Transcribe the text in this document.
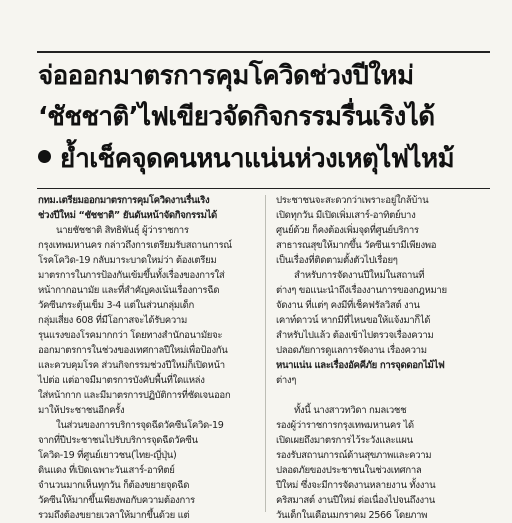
จ่อออกมาตรการคุมโควิดช่วงปีใหม่
‘ชัชชาติ’ไฟเขียวจัดกิจกรรมรื่นเริงได้
ย้ำเช็คจุดคนหนาแน่นห่วงเหตุไฟไหม้
กทม.เตรียมออกมาตรการคุมโควิดงานรื่นเริง
ช่วงปีใหม่ “ชัชชาติ” ยันดันหน้าจัดกิจกรรมได้
นายชัชชาติ สิทธิพันธุ์ ผู้ว่าราชการ
กรุงเทพมหานคร กล่าวถึงการเตรียมรับสถานการณ์
โรคโควิด-19 กลับมาระบาดใหม่ว่า ต้องเตรียม
มาตรการในการป้องกันเข้มขึ้นทั้งเรื่องของการใส่
หน้ากากอนามัย และที่สำคัญคงเน้นเรื่องการฉีด
วัคซีนกระตุ้นเข็ม 3-4 แต่ในส่วนกลุ่มเด็ก
กลุ่มเสี่ยง 608 ที่มีโอกาสจะได้รับความ
รุนแรงของโรคมากกว่า โดยทางสำนักอนามัยจะ
ออกมาตรการในช่วงของเทศกาลปีใหม่เพื่อป้องกัน
และควบคุมโรค ส่วนกิจกรรมช่วงปีใหม่ก็เปิดหน้า
ไปต่อ แต่อาจมีมาตรการบังคับพื้นที่ใดแหล่ง
ใส่หน้ากาก และมีมาตรการปฏิบัติการที่ชัดเจนออก
มาให้ประชาชนอีกครั้ง
ในส่วนของการบริการจุดฉีดวัคซีนโควิด-19
จากที่ปีประชาชนไปรับบริการจุดฉีดวัคซีน
โควิด-19 ที่ศูนย์เยาวชน(ไทย-ญี่ปุ่น)
ดินแดง ที่เปิดเฉพาะวันเสาร์-อาทิตย์
จำนวนมากเห็นทุกวัน ก็ต้องขยายจุดฉีด
วัคซีนให้มากขึ้นเพียงพอกับความต้องการ
รวมถึงต้องขยายเวลาให้มากขึ้นด้วย แต่
ประชาชนจะสะดวกว่าเพราะอยู่ใกล้บ้าน
เปิดทุกวัน มีเปิดเพิ่มเสาร์-อาทิตย์บาง
ศูนย์ด้วย ก็คงต้องเพิ่มจุดที่ศูนย์บริการ
สาธารณสุขให้มากขึ้น วัคซีนเรามีเพียงพอ
เป็นเรื่องที่ติดตามตั้งตัวไปเรื่อยๆ
สำหรับการจัดงานปีใหม่ในสถานที่
ต่างๆ ขอแนะนำถึงเรื่องงานการของกฎหมาย
จัดงาน ที่แต่ๆ คงมีที่เช็คฟรัลวิสต์ งาน
เคาท์ดาวน์ หากมีที่ไหนขอให้แจ้งมาก็ได้
สำหรับไปแล้ว ต้องเข้าไปตรวจเรื่องความ
ปลอดภัยการดูแลการจัดงาน เรื่องความ
หนาแน่น และเรื่องอัคคีภัย การจุดดอกไม้ไฟ
ต่างๆ
ทั้งนี้ นางสาวทวิดา กมลเวชช
รองผู้ว่าราชการกรุงเทพมหานคร ได้
เปิดเผยถึงมาตรการไว้ระวังและแผน
รองรับสถานการณ์ด้านสุขภาพและความ
ปลอดภัยของประชาชนในช่วงเทศกาล
ปีใหม่ ซึ่งจะมีการจัดงานหลายงาน ทั้งงาน
คริสมาสต์ งานปีใหม่ ต่อเนื่องไปจนถึงงาน
วันเด็กในเดือนมกราคม 2566 โดยภาพ
